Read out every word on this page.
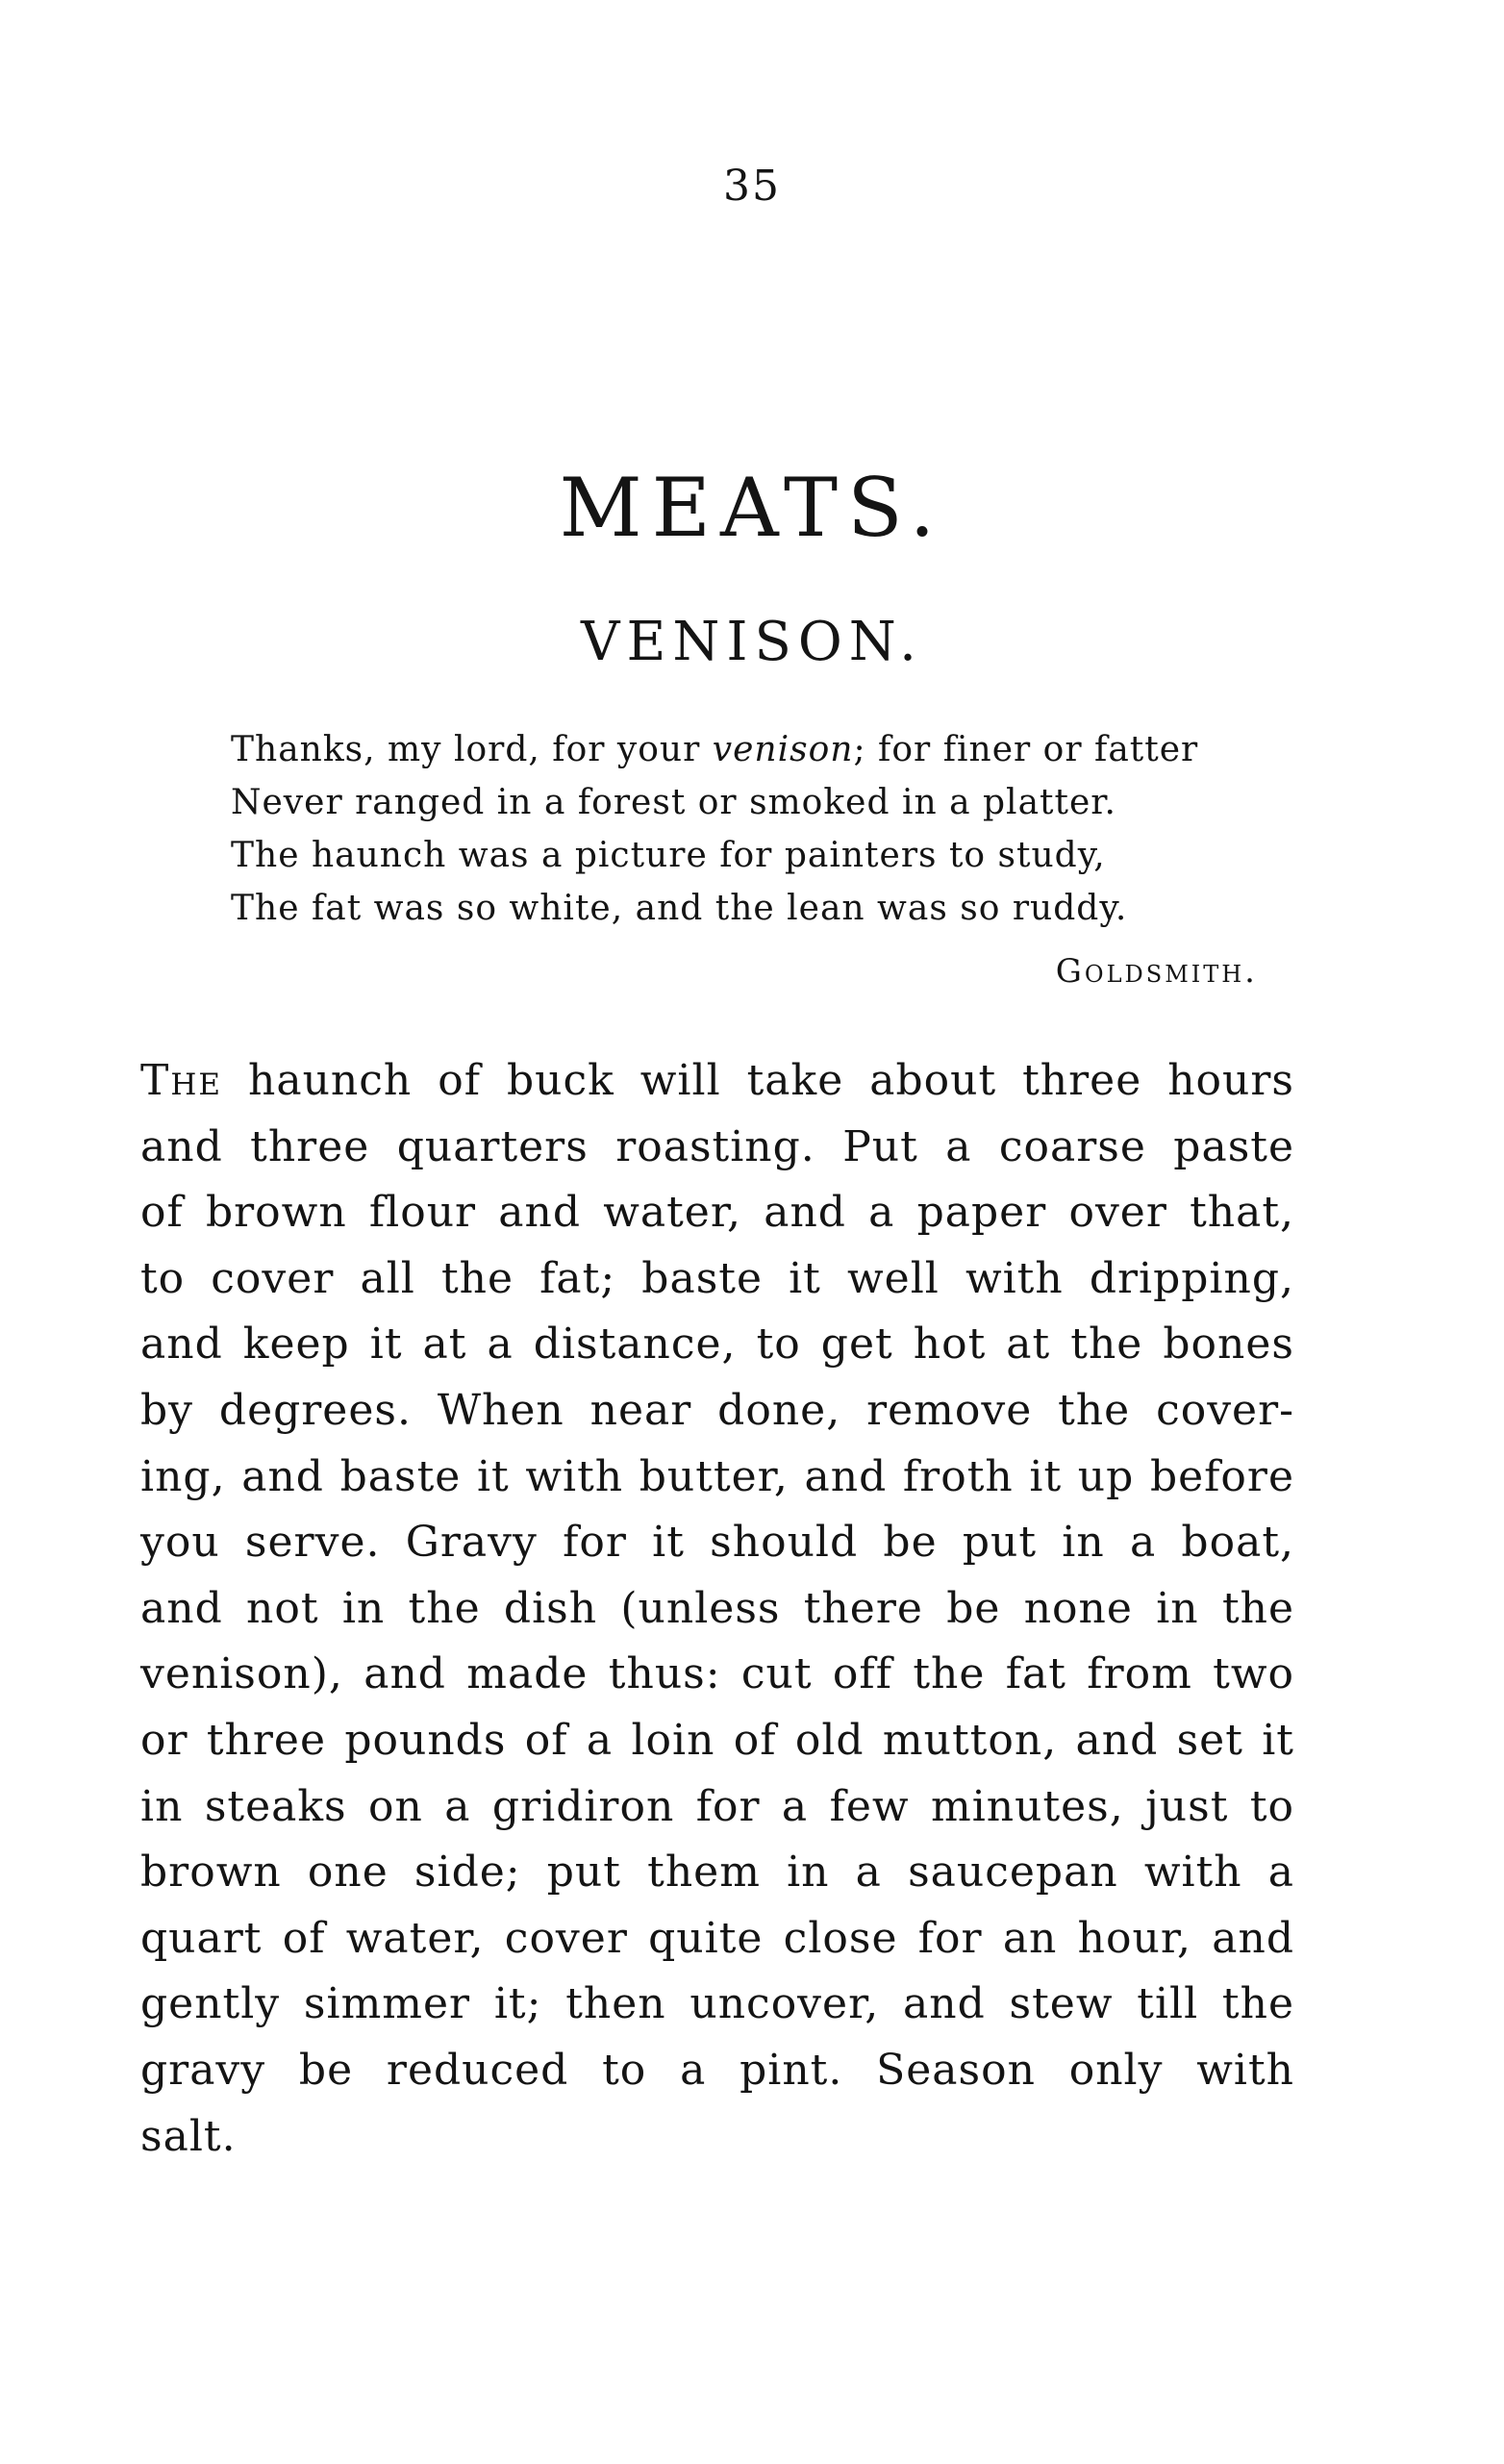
35
MEATS.
VENISON.
Thanks, my lord, for your venison; for finer or fatter
Never ranged in a forest or smoked in a platter.
The haunch was a picture for painters to study,
The fat was so white, and the lean was so ruddy.
Goldsmith.
The haunch of buck will take about three hours
and three quarters roasting. Put a coarse paste
of brown flour and water, and a paper over that,
to cover all the fat; baste it well with dripping,
and keep it at a distance, to get hot at the bones
by degrees. When near done, remove the cover-
ing, and baste it with butter, and froth it up before
you serve. Gravy for it should be put in a boat,
and not in the dish (unless there be none in the
venison), and made thus: cut off the fat from two
or three pounds of a loin of old mutton, and set it
in steaks on a gridiron for a few minutes, just to
brown one side; put them in a saucepan with a
quart of water, cover quite close for an hour, and
gently simmer it; then uncover, and stew till the
gravy be reduced to a pint. Season only with
salt.
